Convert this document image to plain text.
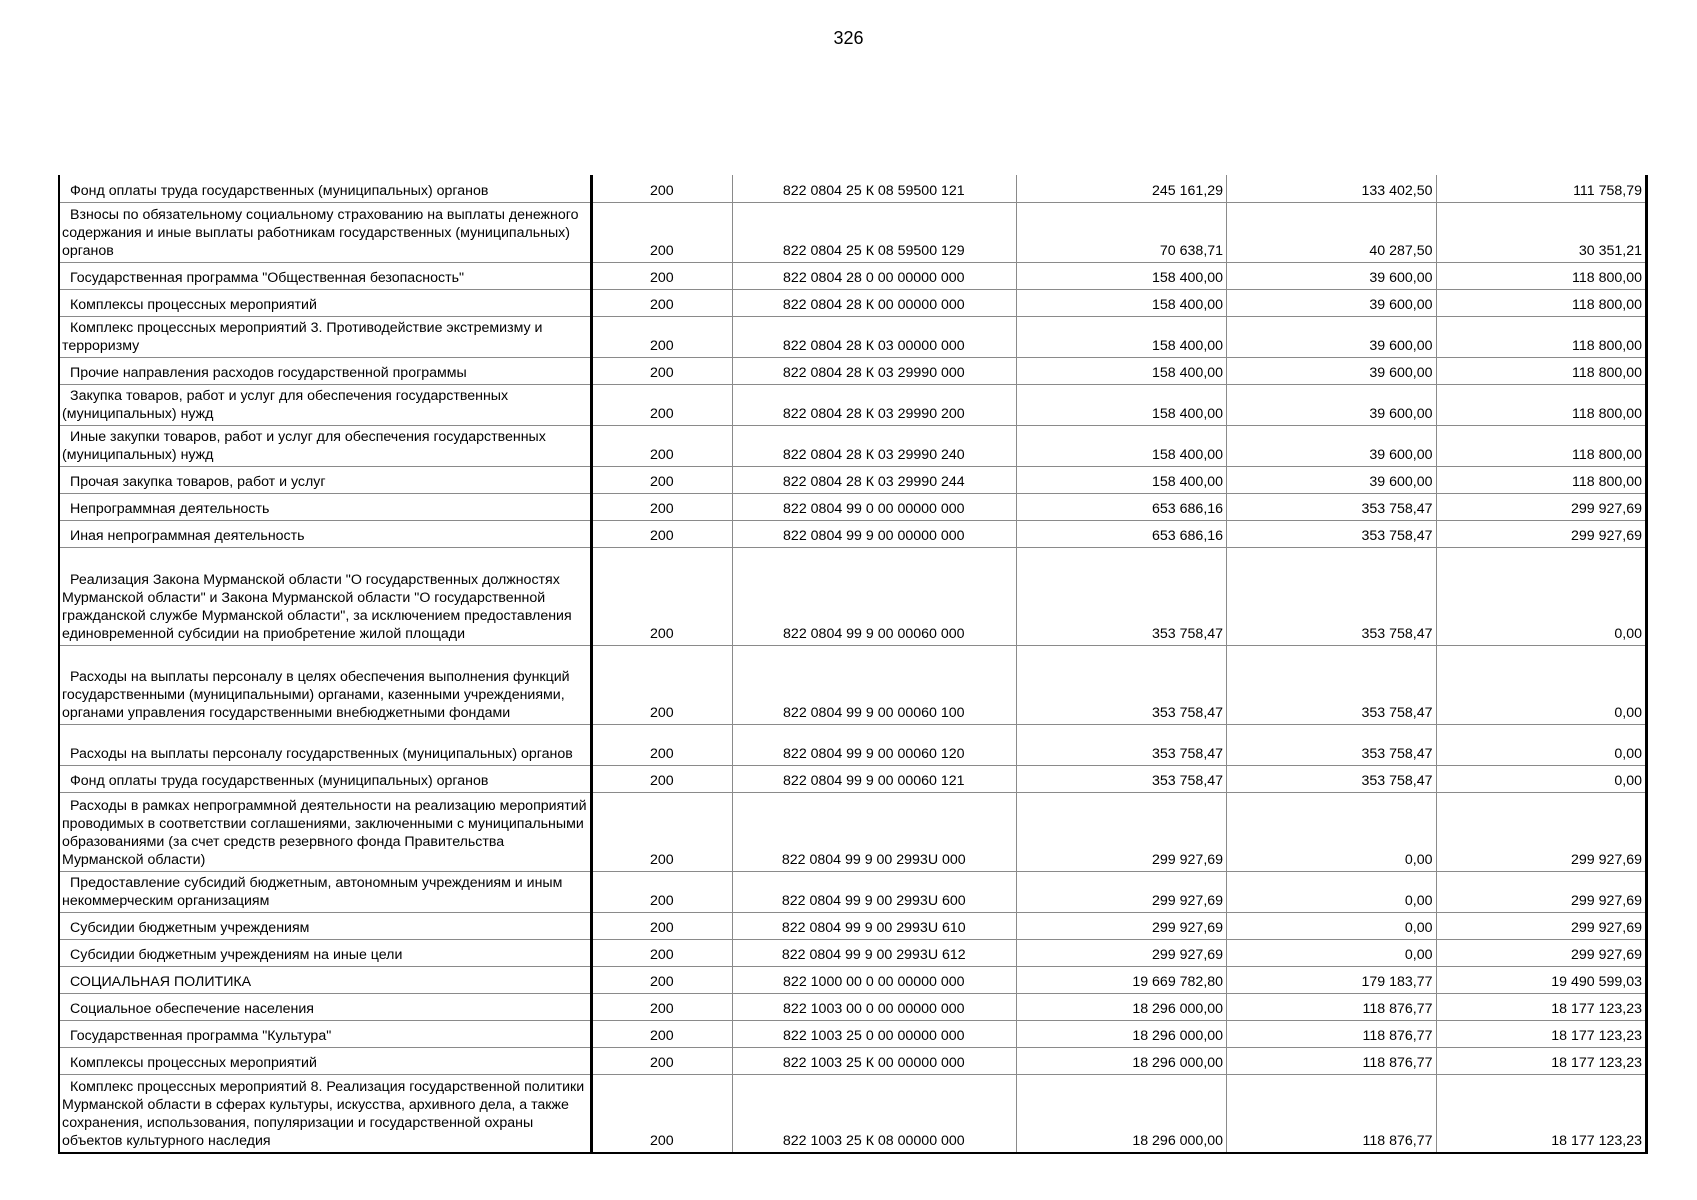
326
Фонд оплаты труда государственных (муниципальных) органов	200	822 0804 25 К 08 59500 121	245 161,29	133 402,50	111 758,79
Взносы по обязательному социальному страхованию на выплаты денежного содержания и иные выплаты работникам государственных (муниципальных) органов	200	822 0804 25 К 08 59500 129	70 638,71	40 287,50	30 351,21
Государственная программа "Общественная безопасность"	200	822 0804 28 0 00 00000 000	158 400,00	39 600,00	118 800,00
Комплексы процессных мероприятий	200	822 0804 28 К 00 00000 000	158 400,00	39 600,00	118 800,00
Комплекс процессных мероприятий 3. Противодействие экстремизму и терроризму	200	822 0804 28 К 03 00000 000	158 400,00	39 600,00	118 800,00
Прочие направления расходов государственной программы	200	822 0804 28 К 03 29990 000	158 400,00	39 600,00	118 800,00
Закупка товаров, работ и услуг для обеспечения государственных (муниципальных) нужд	200	822 0804 28 К 03 29990 200	158 400,00	39 600,00	118 800,00
Иные закупки товаров, работ и услуг для обеспечения государственных (муниципальных) нужд	200	822 0804 28 К 03 29990 240	158 400,00	39 600,00	118 800,00
Прочая закупка товаров, работ и услуг	200	822 0804 28 К 03 29990 244	158 400,00	39 600,00	118 800,00
Непрограммная деятельность	200	822 0804 99 0 00 00000 000	653 686,16	353 758,47	299 927,69
Иная непрограммная деятельность	200	822 0804 99 9 00 00000 000	653 686,16	353 758,47	299 927,69
Реализация Закона Мурманской области "О государственных должностях Мурманской области" и Закона Мурманской области "О государственной гражданской службе Мурманской области", за исключением предоставления единовременной субсидии на приобретение жилой площади	200	822 0804 99 9 00 00060 000	353 758,47	353 758,47	0,00
Расходы на выплаты персоналу в целях обеспечения выполнения функций государственными (муниципальными) органами, казенными учреждениями, органами управления государственными внебюджетными фондами	200	822 0804 99 9 00 00060 100	353 758,47	353 758,47	0,00
Расходы на выплаты персоналу государственных (муниципальных) органов	200	822 0804 99 9 00 00060 120	353 758,47	353 758,47	0,00
Фонд оплаты труда государственных (муниципальных) органов	200	822 0804 99 9 00 00060 121	353 758,47	353 758,47	0,00
Расходы в рамках непрограммной деятельности на реализацию мероприятий проводимых в соответствии соглашениями, заключенными с муниципальными образованиями (за счет средств резервного фонда Правительства Мурманской области)	200	822 0804 99 9 00 2993U 000	299 927,69	0,00	299 927,69
Предоставление субсидий бюджетным, автономным учреждениям и иным некоммерческим организациям	200	822 0804 99 9 00 2993U 600	299 927,69	0,00	299 927,69
Субсидии бюджетным учреждениям	200	822 0804 99 9 00 2993U 610	299 927,69	0,00	299 927,69
Субсидии бюджетным учреждениям на иные цели	200	822 0804 99 9 00 2993U 612	299 927,69	0,00	299 927,69
СОЦИАЛЬНАЯ ПОЛИТИКА	200	822 1000 00 0 00 00000 000	19 669 782,80	179 183,77	19 490 599,03
Социальное обеспечение населения	200	822 1003 00 0 00 00000 000	18 296 000,00	118 876,77	18 177 123,23
Государственная программа "Культура"	200	822 1003 25 0 00 00000 000	18 296 000,00	118 876,77	18 177 123,23
Комплексы процессных мероприятий	200	822 1003 25 К 00 00000 000	18 296 000,00	118 876,77	18 177 123,23
Комплекс процессных мероприятий 8. Реализация государственной политики Мурманской области в сферах культуры, искусства, архивного дела, а также сохранения, использования, популяризации и государственной охраны объектов культурного наследия	200	822 1003 25 К 08 00000 000	18 296 000,00	118 876,77	18 177 123,23
